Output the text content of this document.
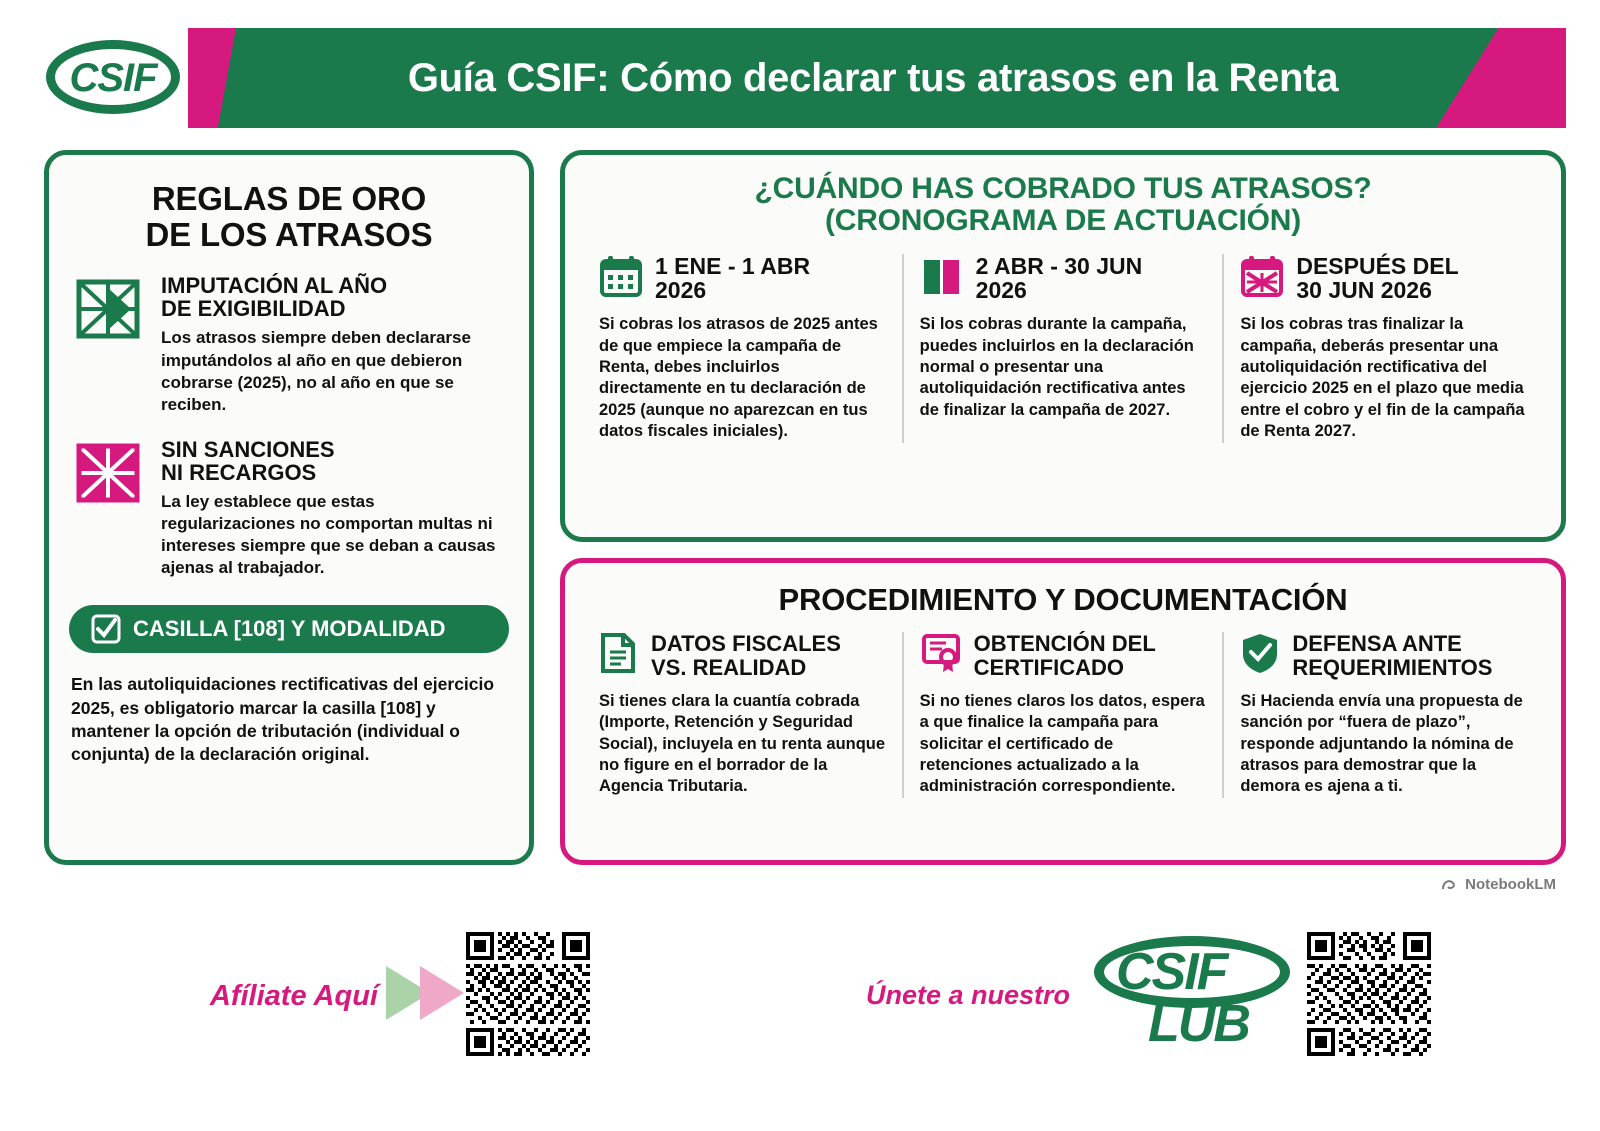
Guía CSIF: Cómo declarar tus atrasos en la Renta
CSIF
REGLAS DE ORO
DE LOS ATRASOS
IMPUTACIÓN AL AÑO
DE EXIGIBILIDAD

Los atrasos siempre deben declararse imputándolos al año en que debieron cobrarse (2025), no al año en que se reciben.

SIN SANCIONES
NI RECARGOS

La ley establece que estas regularizaciones no comportan multas ni intereses siempre que se deban a causas ajenas al trabajador.

CASILLA [108] Y MODALIDAD
En las autoliquidaciones rectificativas del ejercicio 2025, es obligatorio marcar la casilla [108] y mantener la opción de tributación (individual o conjunta) de la declaración original.
¿CUÁNDO HAS COBRADO TUS ATRASOS?
(CRONOGRAMA DE ACTUACIÓN)
1 ENE - 1 ABR
2026

Si cobras los atrasos de 2025 antes de que empiece la campaña de Renta, debes incluirlos directamente en tu declaración de 2025 (aunque no aparezcan en tus datos fiscales iniciales).

2 ABR - 30 JUN
2026

Si los cobras durante la campaña, puedes incluirlos en la declaración normal o presentar una autoliquidación rectificativa antes de finalizar la campaña de 2027.

DESPUÉS DEL
30 JUN 2026

Si los cobras tras finalizar la campaña, deberás presentar una autoliquidación rectificativa del ejercicio 2025 en el plazo que media entre el cobro y el fin de la campaña de Renta 2027.

PROCEDIMIENTO Y DOCUMENTACIÓN
DATOS FISCALES
VS. REALIDAD

Si tienes clara la cuantía cobrada (Importe, Retención y Seguridad Social), incluyela en tu renta aunque no figure en el borrador de la Agencia Tributaria.

OBTENCIÓN DEL
CERTIFICADO

Si no tienes claros los datos, espera a que finalice la campaña para solicitar el certificado de retenciones actualizado a la administración correspondiente.

DEFENSA ANTE
REQUERIMIENTOS

Si Hacienda envía una propuesta de sanción por “fuera de plazo”, responde adjuntando la nómina de atrasos para demostrar que la demora es ajena a ti.

NotebookLM
Afíliate Aquí	Únete a nuestro CSIF
LUB
